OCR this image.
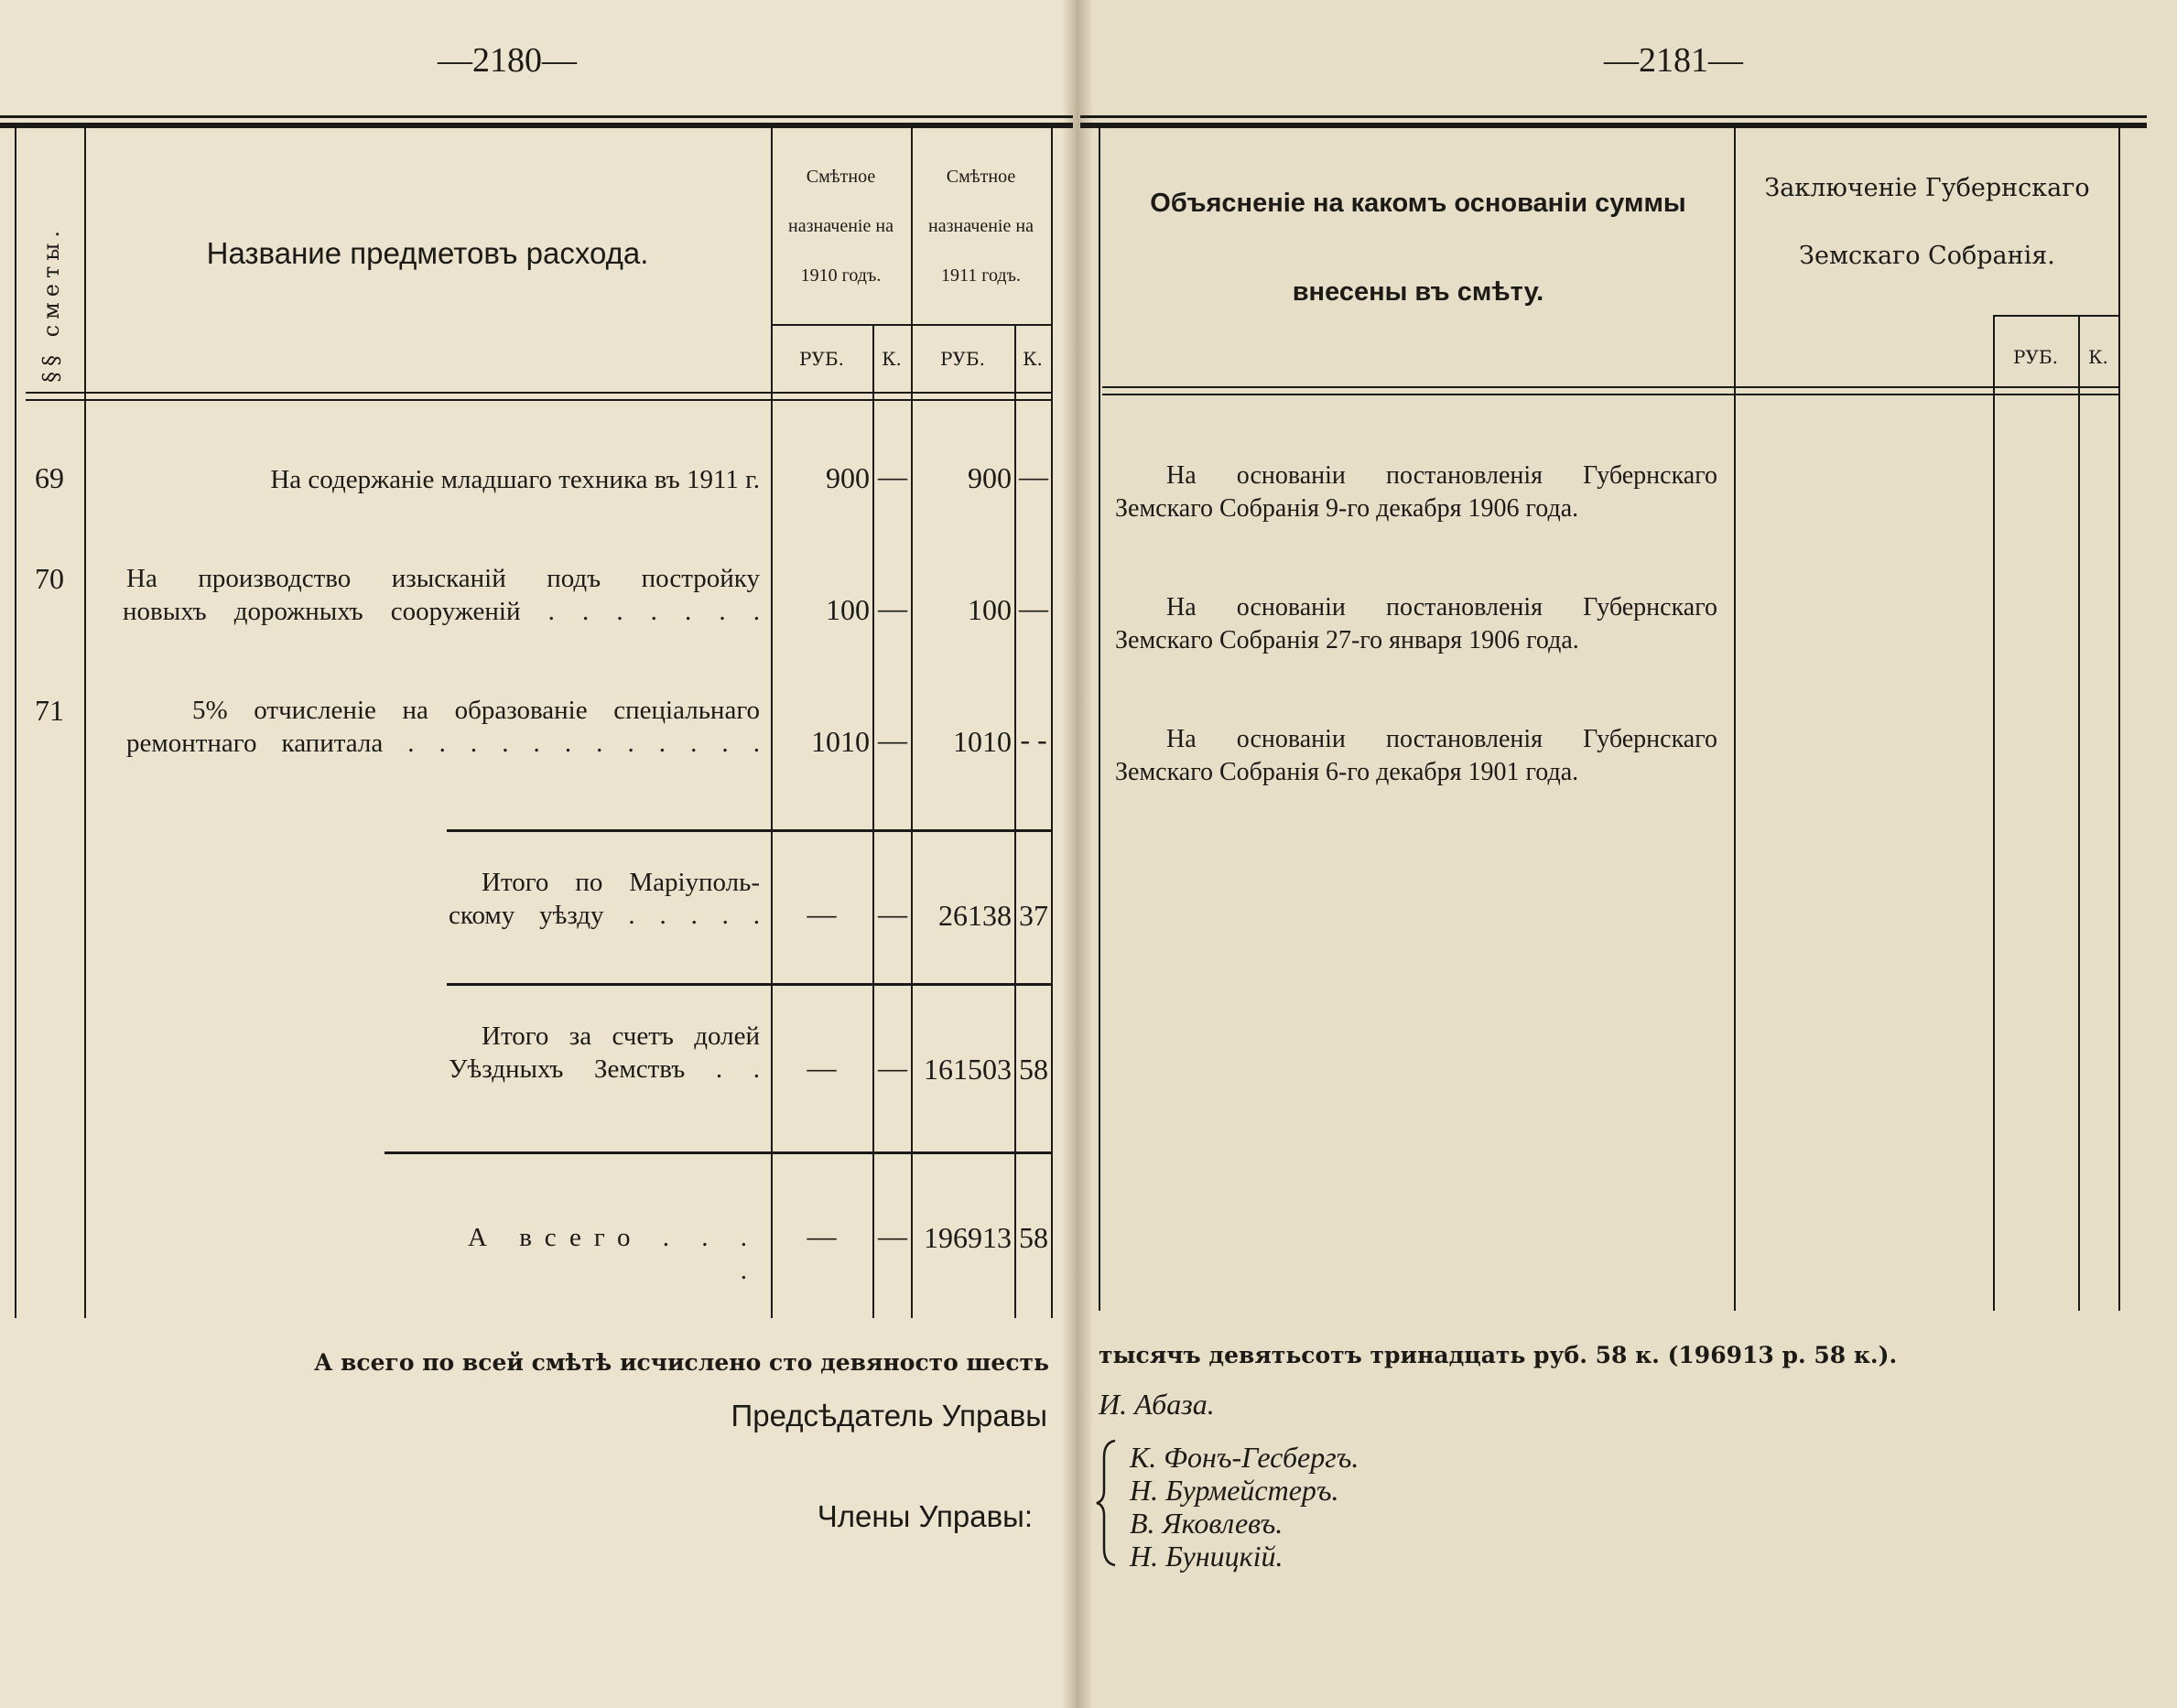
—2180—
§§ сметы.	Название предметовъ расхода.
Смѣтное
назначеніе на
1910 годъ.
Смѣтное
назначеніе на
1911 годъ.
РУБ.	К.	РУБ.	К.
69	На содержаніе младшаго техника въ 1911 г.	900 —	900 —
70 На производство изысканій подъ постройку
новыхъ дорожныхъ сооруженій . . . . . . .	100 —	100 —
71	5% отчисленіе на образованіе спеціальнаго
ремонтнаго капитала . . . . . . . . . . . .	1010 —	1010 - -
Итого по Маріуполь-
скому уѣзду . . . . .	—	—	26138 37
Итого за счетъ долей
Уѣздныхъ Земствъ . .	—	— 161503 58
А всего . . . .
—	— 196913 58
А всего по всей смѣтѣ исчислено сто девяносто шесть
Предсѣдатель Управы
Члены Управы:
—2181—
Объясненіе на какомъ основаніи суммы
внесены въ смѣту.
Заключеніе Губернскаго
Земскаго Собранія.
РУБ.	К.
На основаніи постановленія Губернскаго
Земскаго Собранія 9-го декабря 1906 года.
На основаніи постановленія Губернскаго
Земскаго Собранія 27-го января 1906 года.
На основаніи постановленія Губернскаго
Земскаго Собранія 6-го декабря 1901 года.
тысячъ девятьсотъ тринадцать руб. 58 к. (196913 р. 58 к.).
И. Абаза.
К. Фонъ-Гесбергъ.
Н. Бурмейстеръ.
В. Яковлевъ.
Н. Буницкій.
